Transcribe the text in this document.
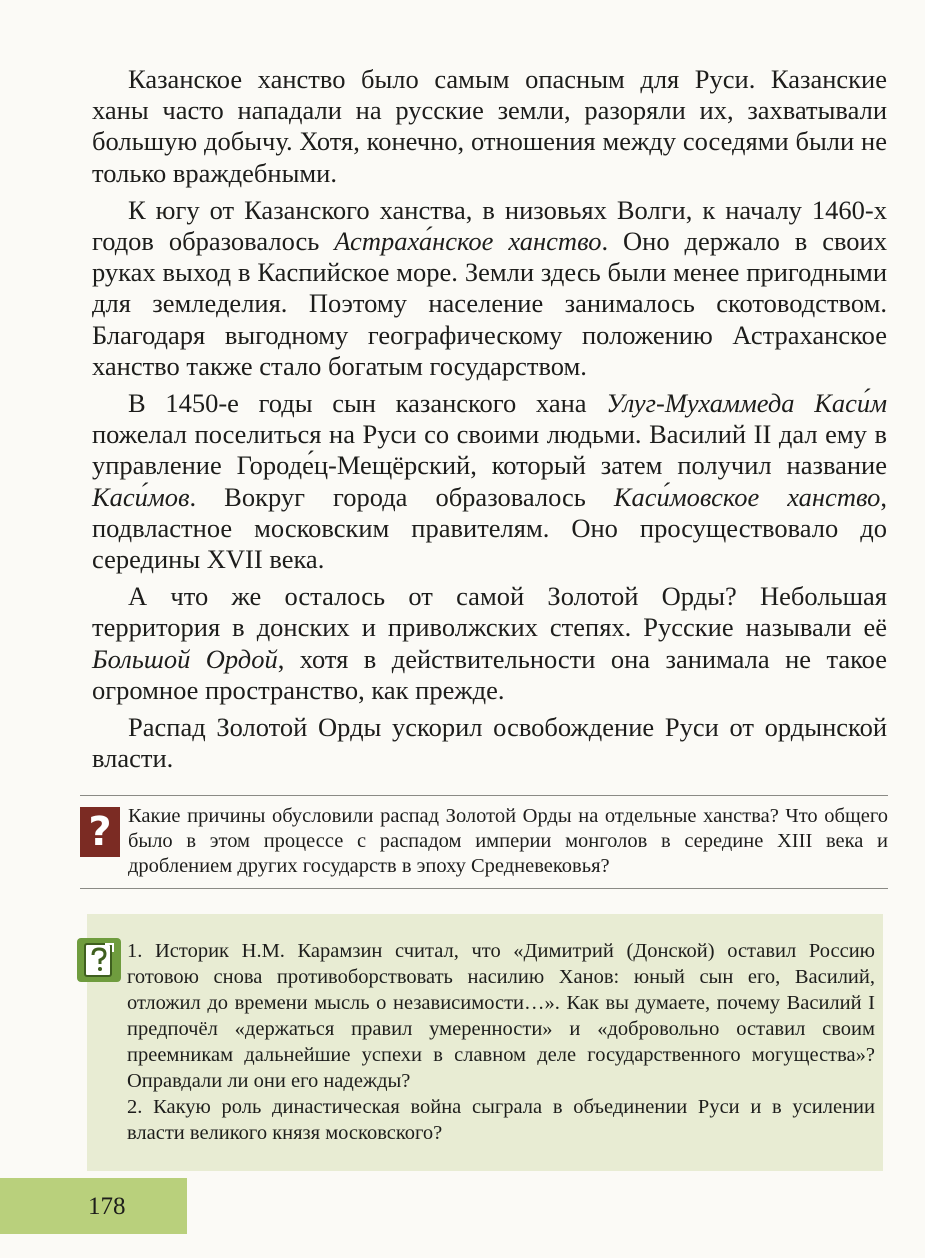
Казанское ханство было самым опасным для Руси. Казанские ханы часто нападали на русские земли, разоряли их, захватывали большую добычу. Хотя, конечно, отношения между соседями были не только враждебными.

К югу от Казанского ханства, в низовьях Волги, к началу 1460-х годов образовалось Астраха́нское ханство. Оно держало в своих руках выход в Каспийское море. Земли здесь были менее пригодными для земледелия. Поэтому население занималось скотоводством. Благодаря выгодному географическому положению Астраханское ханство также стало богатым государством.

В 1450-е годы сын казанского хана Улуг-Мухаммеда Каси́м пожелал поселиться на Руси со своими людьми. Василий II дал ему в управление Городе́ц-Мещёрский, который затем получил название Каси́мов. Вокруг города образовалось Каси́мовское ханство, подвластное московским правителям. Оно просуществовало до середины XVII века.

А что же осталось от самой Золотой Орды? Небольшая территория в донских и приволжских степях. Русские называли её Большой Ордой, хотя в действительности она занимала не такое огромное пространство, как прежде.

Распад Золотой Орды ускорил освобождение Руси от ордынской власти.

? Какие причины обусловили распад Золотой Орды на отдельные ханства? Что общего было в этом процессе с распадом империи монголов в середине XIII века и дроблением других государств в эпоху Средневековья?

1. Историк Н.М. Карамзин считал, что «Димитрий (Донской) оставил Россию готовою снова противоборствовать насилию Ханов: юный сын его, Василий, отложил до времени мысль о независимости…». Как вы думаете, почему Василий I предпочёл «держаться правил умеренности» и «добровольно оставил своим преемникам дальнейшие успехи в славном деле государственного могущества»? Оправдали ли они его надежды?

2. Какую роль династическая война сыграла в объединении Руси и в усилении власти великого князя московского?

178
